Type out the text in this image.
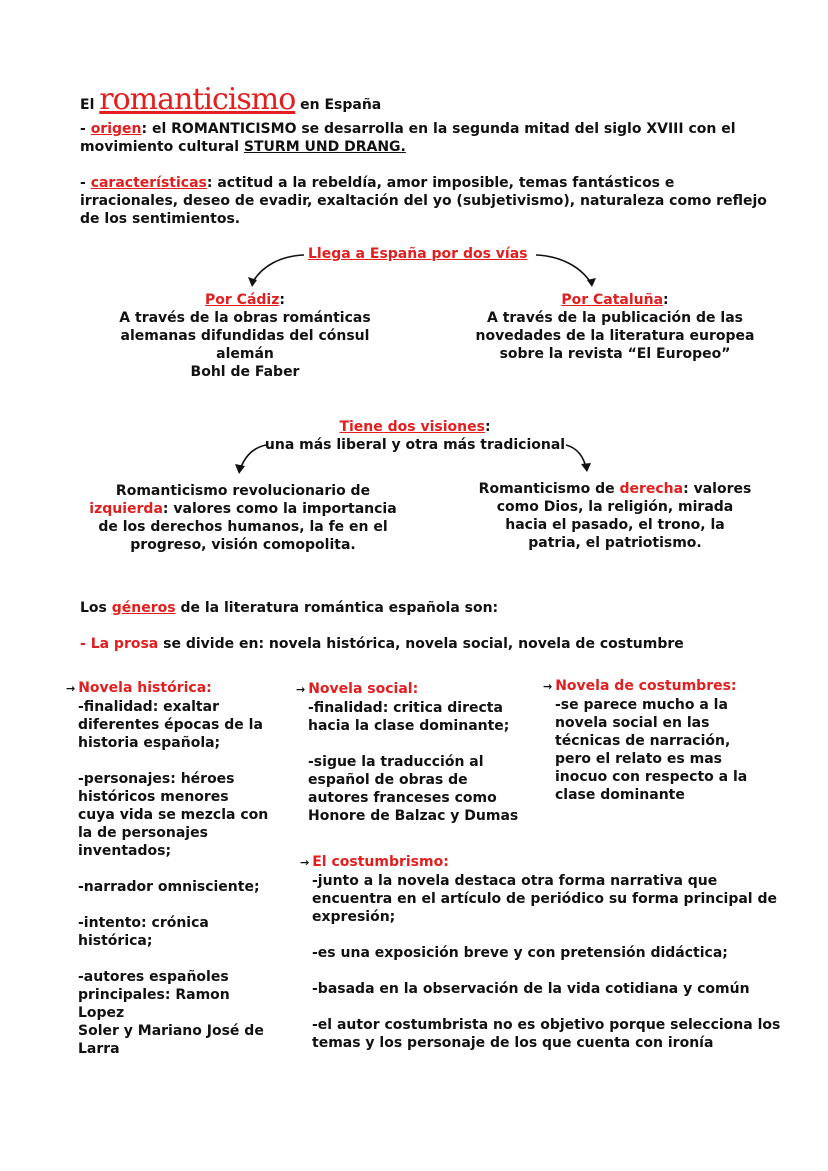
El romanticismo en España
- origen: el ROMANTICISMO se desarrolla en la segunda mitad del siglo XVIII con el
movimiento cultural STURM UND DRANG.
- características: actitud a la rebeldía, amor imposible, temas fantásticos e
irracionales, deseo de evadir, exaltación del yo (subjetivismo), naturaleza como reflejo
de los sentimientos.
Llega a España por dos vías
Por Cádiz:
A través de la obras románticas
alemanas difundidas del cónsul alemán
Bohl de Faber
Por Cataluña:
A través de la publicación de las
novedades de la literatura europea
sobre la revista “El Europeo”
Tiene dos visiones:
una más liberal y otra más tradicional
Romanticismo revolucionario de
izquierda: valores como la importancia
de los derechos humanos, la fe en el
progreso, visión comopolita.
Romanticismo de derecha: valores
como Dios, la religión, mirada
hacia el pasado, el trono, la
patria, el patriotismo.
Los géneros de la literatura romántica española son:
- La prosa se divide en: novela histórica, novela social, novela de costumbre
→ Novela histórica:
-finalidad: exaltar
diferentes épocas de la
historia española;
-personajes: héroes
históricos menores
cuya vida se mezcla con
la de personajes
inventados;
-narrador omnisciente;
-intento: crónica
histórica;
-autores españoles
principales: Ramon Lopez
Soler y Mariano José de
Larra
→ Novela social:
-finalidad: critica directa
hacia la clase dominante;
-sigue la traducción al
español de obras de
autores franceses como
Honore de Balzac y Dumas
→ Novela de costumbres:
-se parece mucho a la
novela social en las
técnicas de narración,
pero el relato es mas
inocuo con respecto a la
clase dominante
→ El costumbrismo:
-junto a la novela destaca otra forma narrativa que
encuentra en el artículo de periódico su forma principal de
expresión;
-es una exposición breve y con pretensión didáctica;
-basada en la observación de la vida cotidiana y común
-el autor costumbrista no es objetivo porque selecciona los
temas y los personaje de los que cuenta con ironía
